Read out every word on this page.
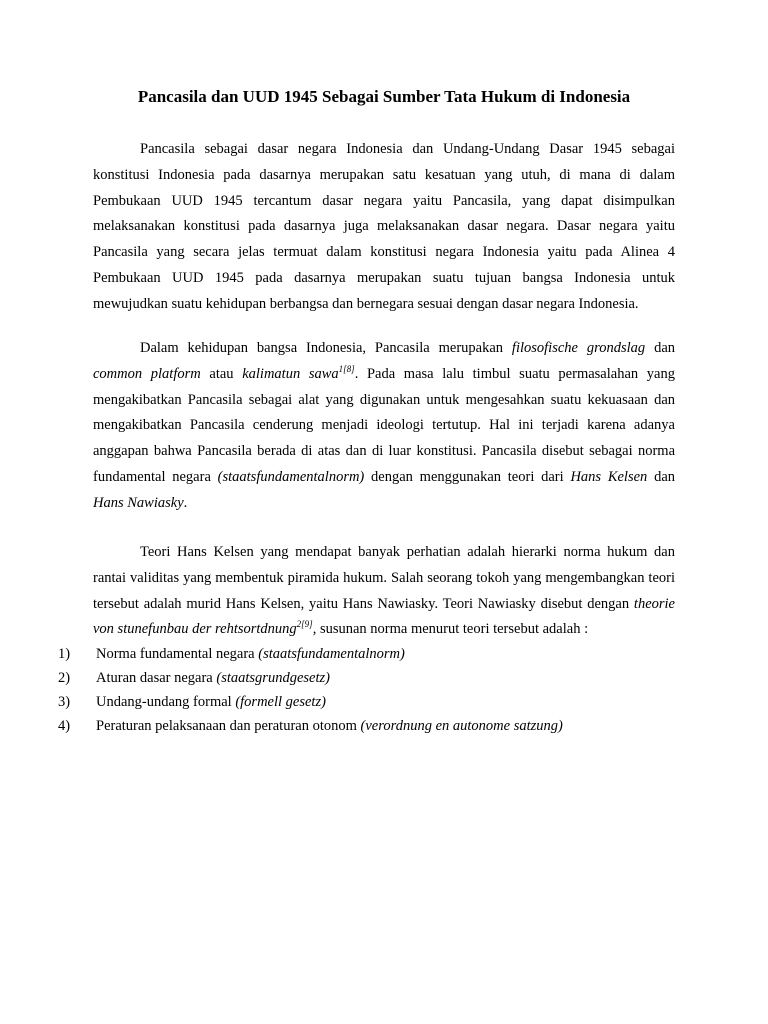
Pancasila dan UUD 1945 Sebagai Sumber Tata Hukum di Indonesia

Pancasila sebagai dasar negara Indonesia dan Undang-Undang Dasar 1945 sebagai konstitusi Indonesia pada dasarnya merupakan satu kesatuan yang utuh, di mana di dalam Pembukaan UUD 1945 tercantum dasar negara yaitu Pancasila, yang dapat disimpulkan melaksanakan konstitusi pada dasarnya juga melaksanakan dasar negara. Dasar negara yaitu Pancasila yang secara jelas termuat dalam konstitusi negara Indonesia yaitu pada Alinea 4 Pembukaan UUD 1945 pada dasarnya merupakan suatu tujuan bangsa Indonesia untuk mewujudkan suatu kehidupan berbangsa dan bernegara sesuai dengan dasar negara Indonesia.

Dalam kehidupan bangsa Indonesia, Pancasila merupakan filosofische grondslag dan common platform atau kalimatun sawa$^{1[8]}$. Pada masa lalu timbul suatu permasalahan yang mengakibatkan Pancasila sebagai alat yang digunakan untuk mengesahkan suatu kekuasaan dan mengakibatkan Pancasila cenderung menjadi ideologi tertutup. Hal ini terjadi karena adanya anggapan bahwa Pancasila berada di atas dan di luar konstitusi. Pancasila disebut sebagai norma fundamental negara (staatsfundamentalnorm) dengan menggunakan teori dari Hans Kelsen dan Hans Nawiasky.

Teori Hans Kelsen yang mendapat banyak perhatian adalah hierarki norma hukum dan rantai validitas yang membentuk piramida hukum. Salah seorang tokoh yang mengembangkan teori tersebut adalah murid Hans Kelsen, yaitu Hans Nawiasky. Teori Nawiasky disebut dengan theorie von stunefunbau der rehtsortdnung$^{2[9]}$, susunan norma menurut teori tersebut adalah :

1) Norma fundamental negara (staatsfundamentalnorm)
2) Aturan dasar negara (staatsgrundgesetz)
3) Undang-undang formal (formell gesetz)
4) Peraturan pelaksanaan dan peraturan otonom (verordnung en autonome satzung)
